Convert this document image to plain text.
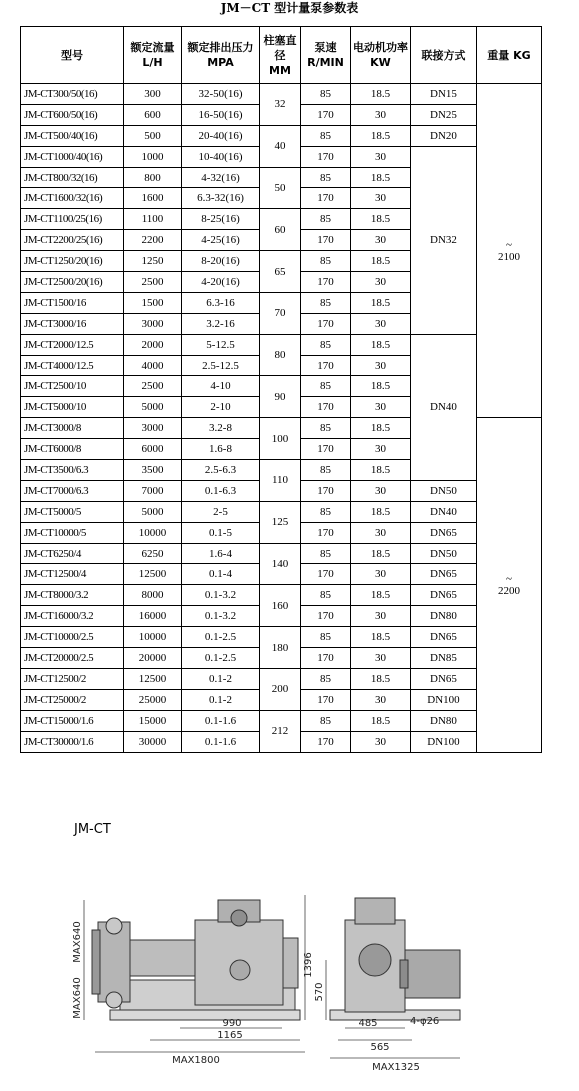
JM－CT 型计量泵参数表
型号	额定流量 L/H	额定排出压力 MPA	柱塞直径 MM	泵速 R/MIN	电动机功率 KW	联接方式	重量 KG
JM-CT300/50(16)	300	32-50(16)	32	85	18.5	DN15	~
2100
JM-CT600/50(16)	600	16-50(16)		170	30	DN25	
JM-CT500/40(16)	500	20-40(16)	40	85	18.5	DN20	
JM-CT1000/40(16)	1000	10-40(16)		170	30	DN32	
JM-CT800/32(16)	800	4-32(16)	50	85	18.5		
JM-CT1600/32(16)	1600	6.3-32(16)		170	30		
JM-CT1100/25(16)	1100	8-25(16)	60	85	18.5		
JM-CT2200/25(16)	2200	4-25(16)		170	30		
JM-CT1250/20(16)	1250	8-20(16)	65	85	18.5		
JM-CT2500/20(16)	2500	4-20(16)		170	30		
JM-CT1500/16	1500	6.3-16	70	85	18.5		
JM-CT3000/16	3000	3.2-16		170	30		
JM-CT2000/12.5	2000	5-12.5	80	85	18.5	DN40	
JM-CT4000/12.5	4000	2.5-12.5		170	30		
JM-CT2500/10	2500	4-10	90	85	18.5		
JM-CT5000/10	5000	2-10		170	30		
JM-CT3000/8	3000	3.2-8	100	85	18.5		~
2200
JM-CT6000/8	6000	1.6-8		170	30		
JM-CT3500/6.3	3500	2.5-6.3	110	85	18.5		
JM-CT7000/6.3	7000	0.1-6.3		170	30	DN50	
JM-CT5000/5	5000	2-5	125	85	18.5	DN40	
JM-CT10000/5	10000	0.1-5		170	30	DN65	
JM-CT6250/4	6250	1.6-4	140	85	18.5	DN50	
JM-CT12500/4	12500	0.1-4		170	30	DN65	
JM-CT8000/3.2	8000	0.1-3.2	160	85	18.5	DN65	
JM-CT16000/3.2	16000	0.1-3.2		170	30	DN80	
JM-CT10000/2.5	10000	0.1-2.5	180	85	18.5	DN65	
JM-CT20000/2.5	20000	0.1-2.5		170	30	DN85	
JM-CT12500/2	12500	0.1-2	200	85	18.5	DN65	
JM-CT25000/2	25000	0.1-2		170	30	DN100	
JM-CT15000/1.6	15000	0.1-1.6	212	85	18.5	DN80	
JM-CT30000/1.6	30000	0.1-1.6		170	30	DN100	
JM-CT
MAX640
MAX640
990
1165
MAX1800
1396
570
485	4-φ26
565
MAX1325
